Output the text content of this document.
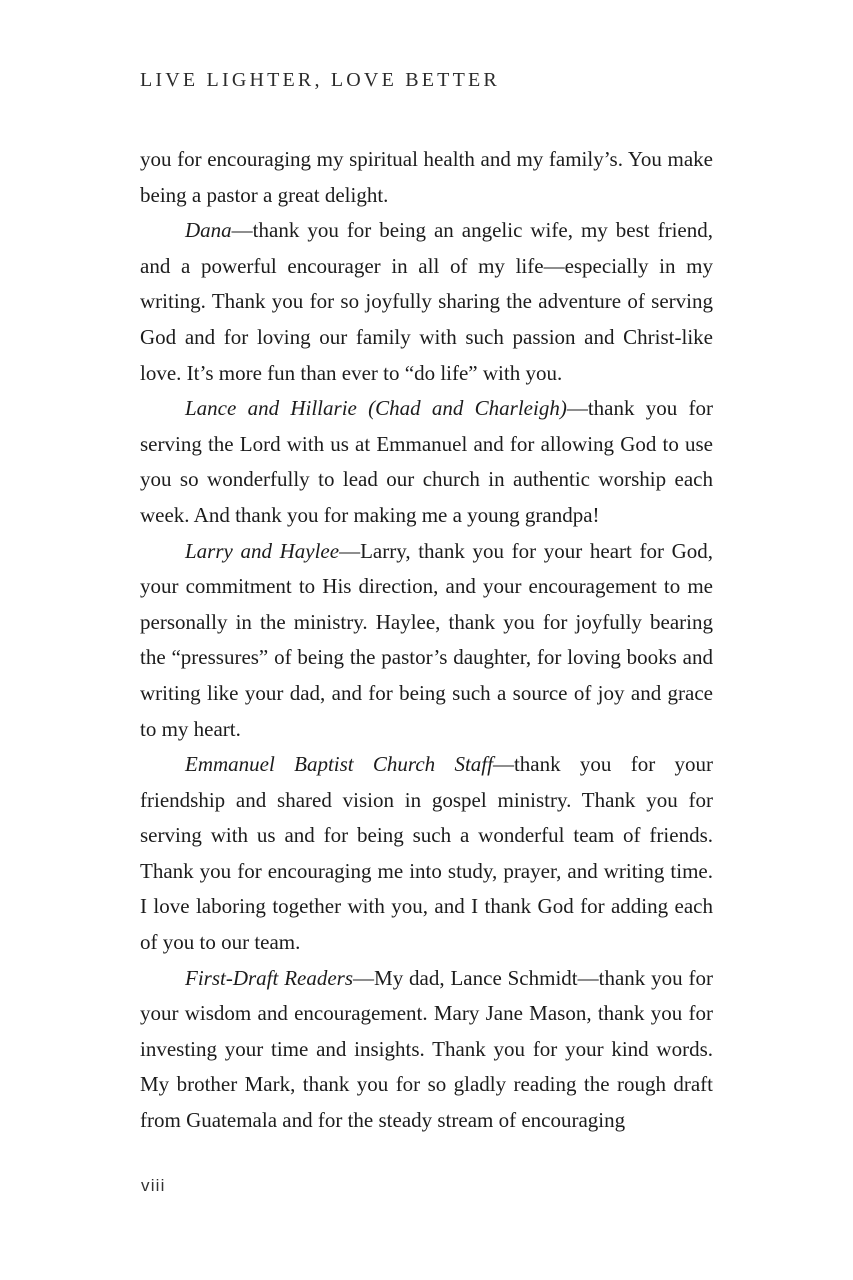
LIVE LIGHTER, LOVE BETTER

you for encouraging my spiritual health and my family’s. You make being a pastor a great delight.

Dana—thank you for being an angelic wife, my best friend, and a powerful encourager in all of my life—especially in my writing. Thank you for so joyfully sharing the adventure of serving God and for loving our family with such passion and Christ-like love. It’s more fun than ever to “do life” with you.

Lance and Hillarie (Chad and Charleigh)—thank you for serving the Lord with us at Emmanuel and for allowing God to use you so wonderfully to lead our church in authentic worship each week. And thank you for making me a young grandpa!

Larry and Haylee—Larry, thank you for your heart for God, your commitment to His direction, and your encouragement to me personally in the ministry. Haylee, thank you for joyfully bearing the “pressures” of being the pastor’s daughter, for loving books and writing like your dad, and for being such a source of joy and grace to my heart.

Emmanuel Baptist Church Staff—thank you for your friendship and shared vision in gospel ministry. Thank you for serving with us and for being such a wonderful team of friends. Thank you for encouraging me into study, prayer, and writing time. I love laboring together with you, and I thank God for adding each of you to our team.

First-Draft Readers—My dad, Lance Schmidt—thank you for your wisdom and encouragement. Mary Jane Mason, thank you for investing your time and insights. Thank you for your kind words. My brother Mark, thank you for so gladly reading the rough draft from Guatemala and for the steady stream of encouraging

viii
